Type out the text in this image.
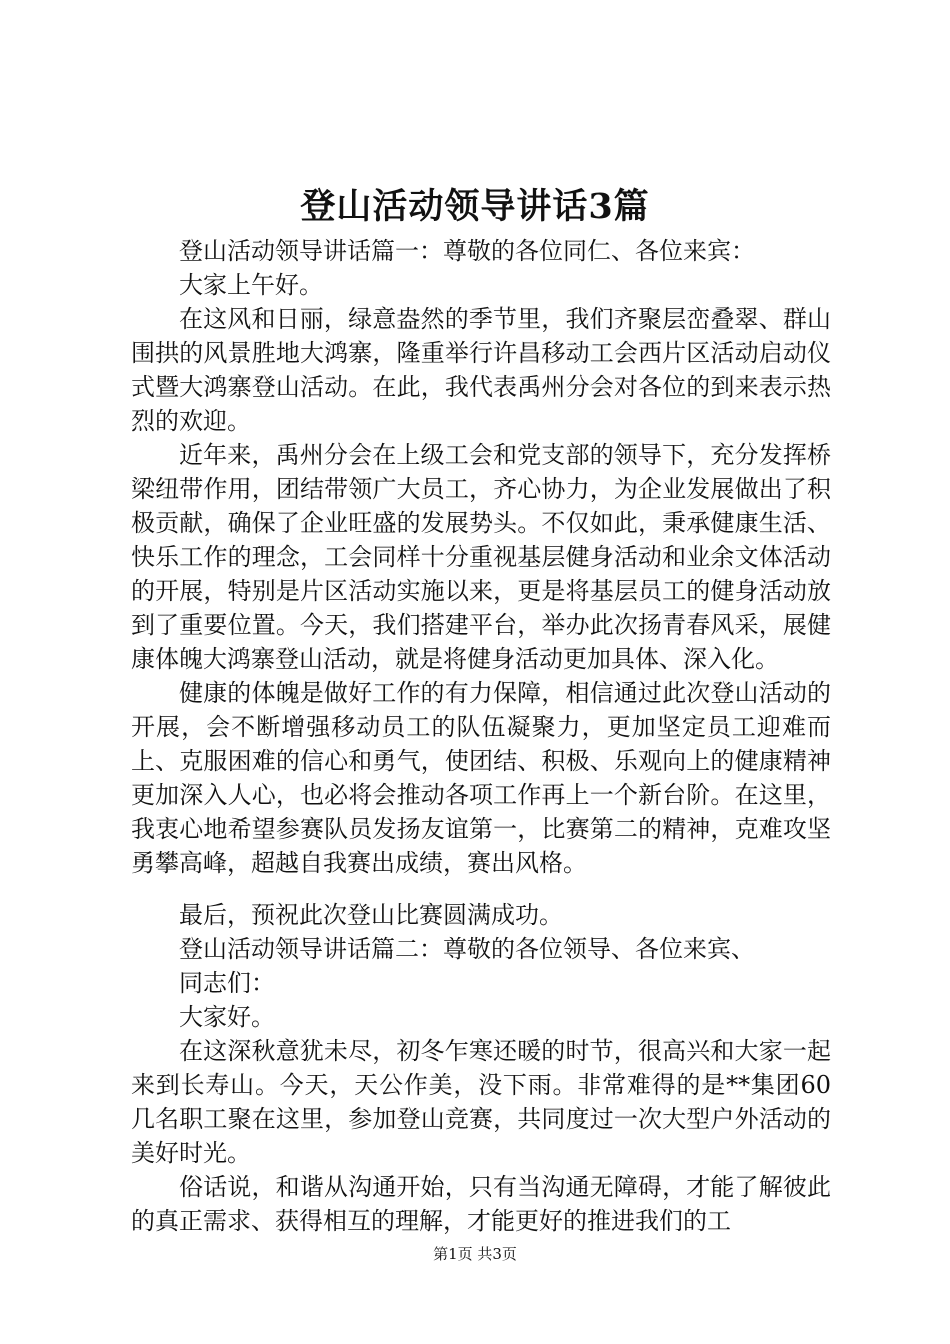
登山活动领导讲话3篇

登山活动领导讲话篇一：尊敬的各位同仁、各位来宾：

大家上午好。

在这风和日丽，绿意盎然的季节里，我们齐聚层峦叠翠、群山围拱的风景胜地大鸿寨，隆重举行许昌移动工会西片区活动启动仪式暨大鸿寨登山活动。在此，我代表禹州分会对各位的到来表示热烈的欢迎。

近年来，禹州分会在上级工会和党支部的领导下，充分发挥桥梁纽带作用，团结带领广大员工，齐心协力，为企业发展做出了积极贡献，确保了企业旺盛的发展势头。不仅如此，秉承健康生活、快乐工作的理念，工会同样十分重视基层健身活动和业余文体活动的开展，特别是片区活动实施以来，更是将基层员工的健身活动放到了重要位置。今天，我们搭建平台，举办此次扬青春风采，展健康体魄大鸿寨登山活动，就是将健身活动更加具体、深入化。

健康的体魄是做好工作的有力保障，相信通过此次登山活动的开展，会不断增强移动员工的队伍凝聚力，更加坚定员工迎难而上、克服困难的信心和勇气，使团结、积极、乐观向上的健康精神更加深入人心，也必将会推动各项工作再上一个新台阶。在这里，我衷心地希望参赛队员发扬友谊第一，比赛第二的精神，克难攻坚勇攀高峰，超越自我赛出成绩，赛出风格。

最后，预祝此次登山比赛圆满成功。

登山活动领导讲话篇二：尊敬的各位领导、各位来宾、

同志们：

大家好。

在这深秋意犹未尽，初冬乍寒还暖的时节，很高兴和大家一起来到长寿山。今天，天公作美，没下雨。非常难得的是**集团60几名职工聚在这里，参加登山竞赛，共同度过一次大型户外活动的美好时光。

俗话说，和谐从沟通开始，只有当沟通无障碍，才能了解彼此的真正需求、获得相互的理解，才能更好的推进我们的工

第1页 共3页
